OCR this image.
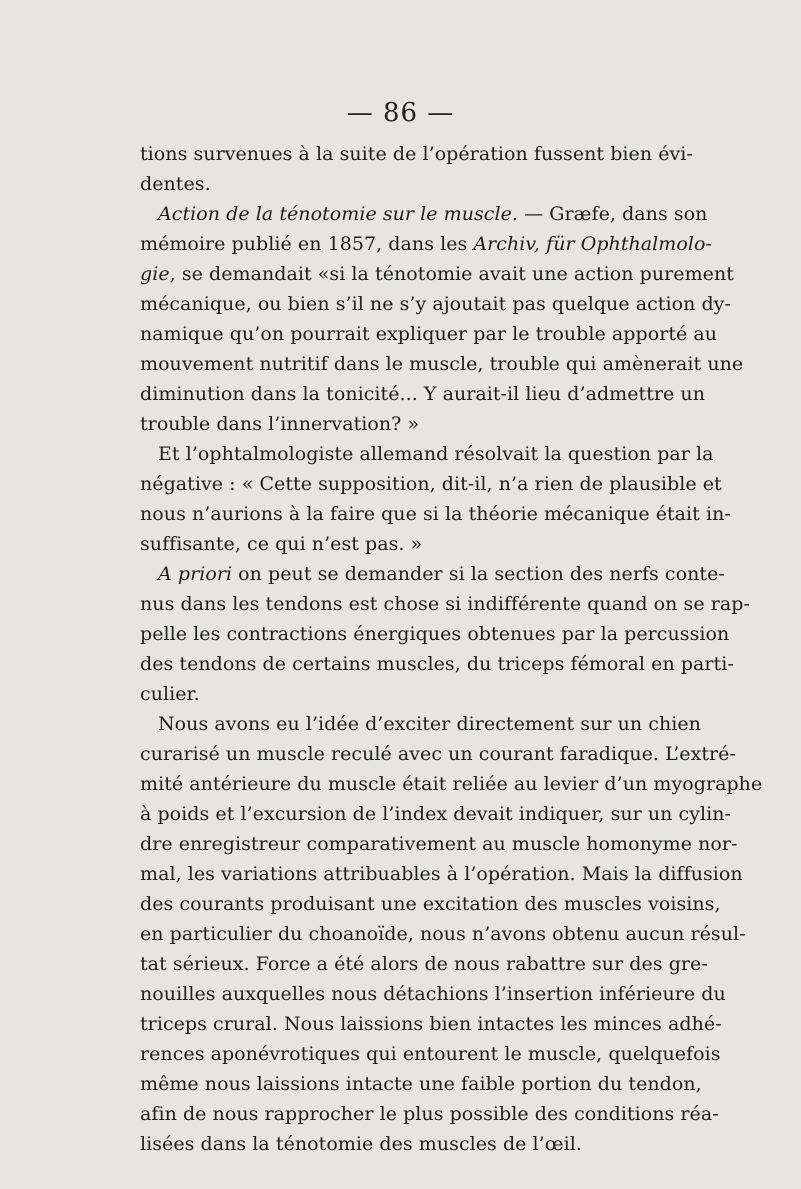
— 86 —
tions survenues à la suite de l’opération fussent bien évi-
dentes.
Action de la ténotomie sur le muscle. — Græfe, dans son
mémoire publié en 1857, dans les Archiv, für Ophthalmolo-
gie, se demandait «si la ténotomie avait une action purement
mécanique, ou bien s’il ne s’y ajoutait pas quelque action dy-
namique qu’on pourrait expliquer par le trouble apporté au
mouvement nutritif dans le muscle, trouble qui amènerait une
diminution dans la tonicité... Y aurait-il lieu d’admettre un
trouble dans l’innervation? »
Et l’ophtalmologiste allemand résolvait la question par la
négative : « Cette supposition, dit-il, n’a rien de plausible et
nous n’aurions à la faire que si la théorie mécanique était in-
suffisante, ce qui n’est pas. »
A priori on peut se demander si la section des nerfs conte-
nus dans les tendons est chose si indifférente quand on se rap-
pelle les contractions énergiques obtenues par la percussion
des tendons de certains muscles, du triceps fémoral en parti-
culier.
Nous avons eu l’idée d’exciter directement sur un chien
curarisé un muscle reculé avec un courant faradique. L’extré-
mité antérieure du muscle était reliée au levier d’un myographe
à poids et l’excursion de l’index devait indiquer, sur un cylin-
dre enregistreur comparativement au muscle homonyme nor-
mal, les variations attribuables à l’opération. Mais la diffusion
des courants produisant une excitation des muscles voisins,
en particulier du choanoïde, nous n’avons obtenu aucun résul-
tat sérieux. Force a été alors de nous rabattre sur des gre-
nouilles auxquelles nous détachions l’insertion inférieure du
triceps crural. Nous laissions bien intactes les minces adhé-
rences aponévrotiques qui entourent le muscle, quelquefois
même nous laissions intacte une faible portion du tendon,
afin de nous rapprocher le plus possible des conditions réa-
lisées dans la ténotomie des muscles de l’œil.
